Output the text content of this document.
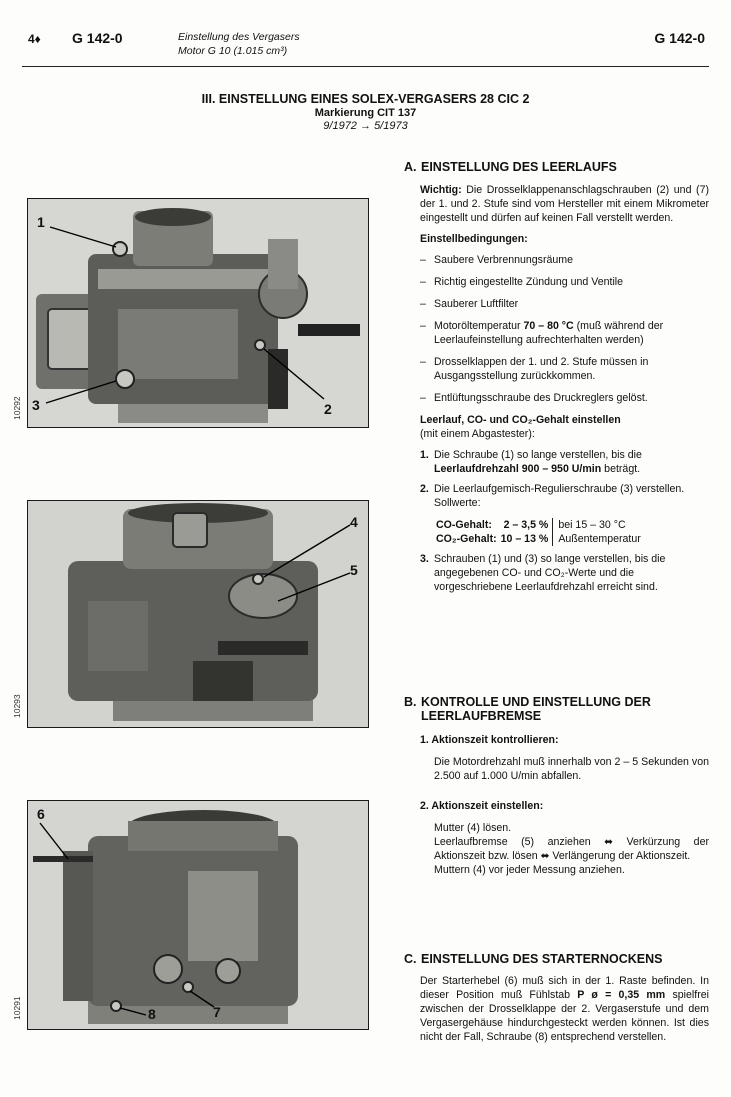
4♦ G 142-0	Einstellung des Vergasers
Motor G 10 (1.015 cm³)
G 142-0
III. EINSTELLUNG EINES SOLEX-VERGASERS 28 CIC 2
Markierung CIT 137
9/1972 → 5/1973
1
2
3
10292
4
5
10293
6
7
8
10291
A. EINSTELLUNG DES LEERLAUFS

Wichtig: Die Drosselklappenanschlagschrauben (2) und (7) der 1. und 2. Stufe sind vom Hersteller mit einem Mikrometer eingestellt und dürfen auf keinen Fall verstellt werden.

Einstellbedingungen:

– Saubere Verbrennungsräume
– Richtig eingestellte Zündung und Ventile
– Sauberer Luftfilter
– Motoröltemperatur 70 – 80 °C (muß während der Leerlaufeinstellung aufrechterhalten werden)
– Drosselklappen der 1. und 2. Stufe müssen in Ausgangsstellung zurückkommen.
– Entlüftungsschraube des Druckreglers gelöst.

Leerlauf, CO- und CO₂-Gehalt einstellen

(mit einem Abgastester):

1. Die Schraube (1) so lange verstellen, bis die Leerlaufdrehzahl 900 – 950 U/min beträgt.
2. Die Leerlaufgemisch-Regulierschraube (3) verstellen. Sollwerte:
CO-Gehalt:	2 – 3,5 %	bei 15 – 30 °C
CO₂-Gehalt:	10 – 13 %	Außentemperatur
3. Schrauben (1) und (3) so lange verstellen, bis die angegebenen CO- und CO₂-Werte und die vorgeschriebene Leerlaufdrehzahl erreicht sind.
B. KONTROLLE UND EINSTELLUNG DER
LEERLAUFBREMSE

1. Aktionszeit kontrollieren:

Die Motordrehzahl muß innerhalb von 2 – 5 Sekunden von 2.500 auf 1.000 U/min abfallen.

2. Aktionszeit einstellen:

Mutter (4) lösen.

Leerlaufbremse (5) anziehen ⬌ Verkürzung der Aktionszeit bzw. lösen ⬌ Verlängerung der Aktionszeit.

Muttern (4) vor jeder Messung anziehen.

C. EINSTELLUNG DES STARTERNOCKENS

Der Starterhebel (6) muß sich in der 1. Raste befinden. In dieser Position muß Fühlstab P ø = 0,35 mm spielfrei zwischen der Drosselklappe der 2. Vergaserstufe und dem Vergasergehäuse hindurchgesteckt werden können. Ist dies nicht der Fall, Schraube (8) entsprechend verstellen.
